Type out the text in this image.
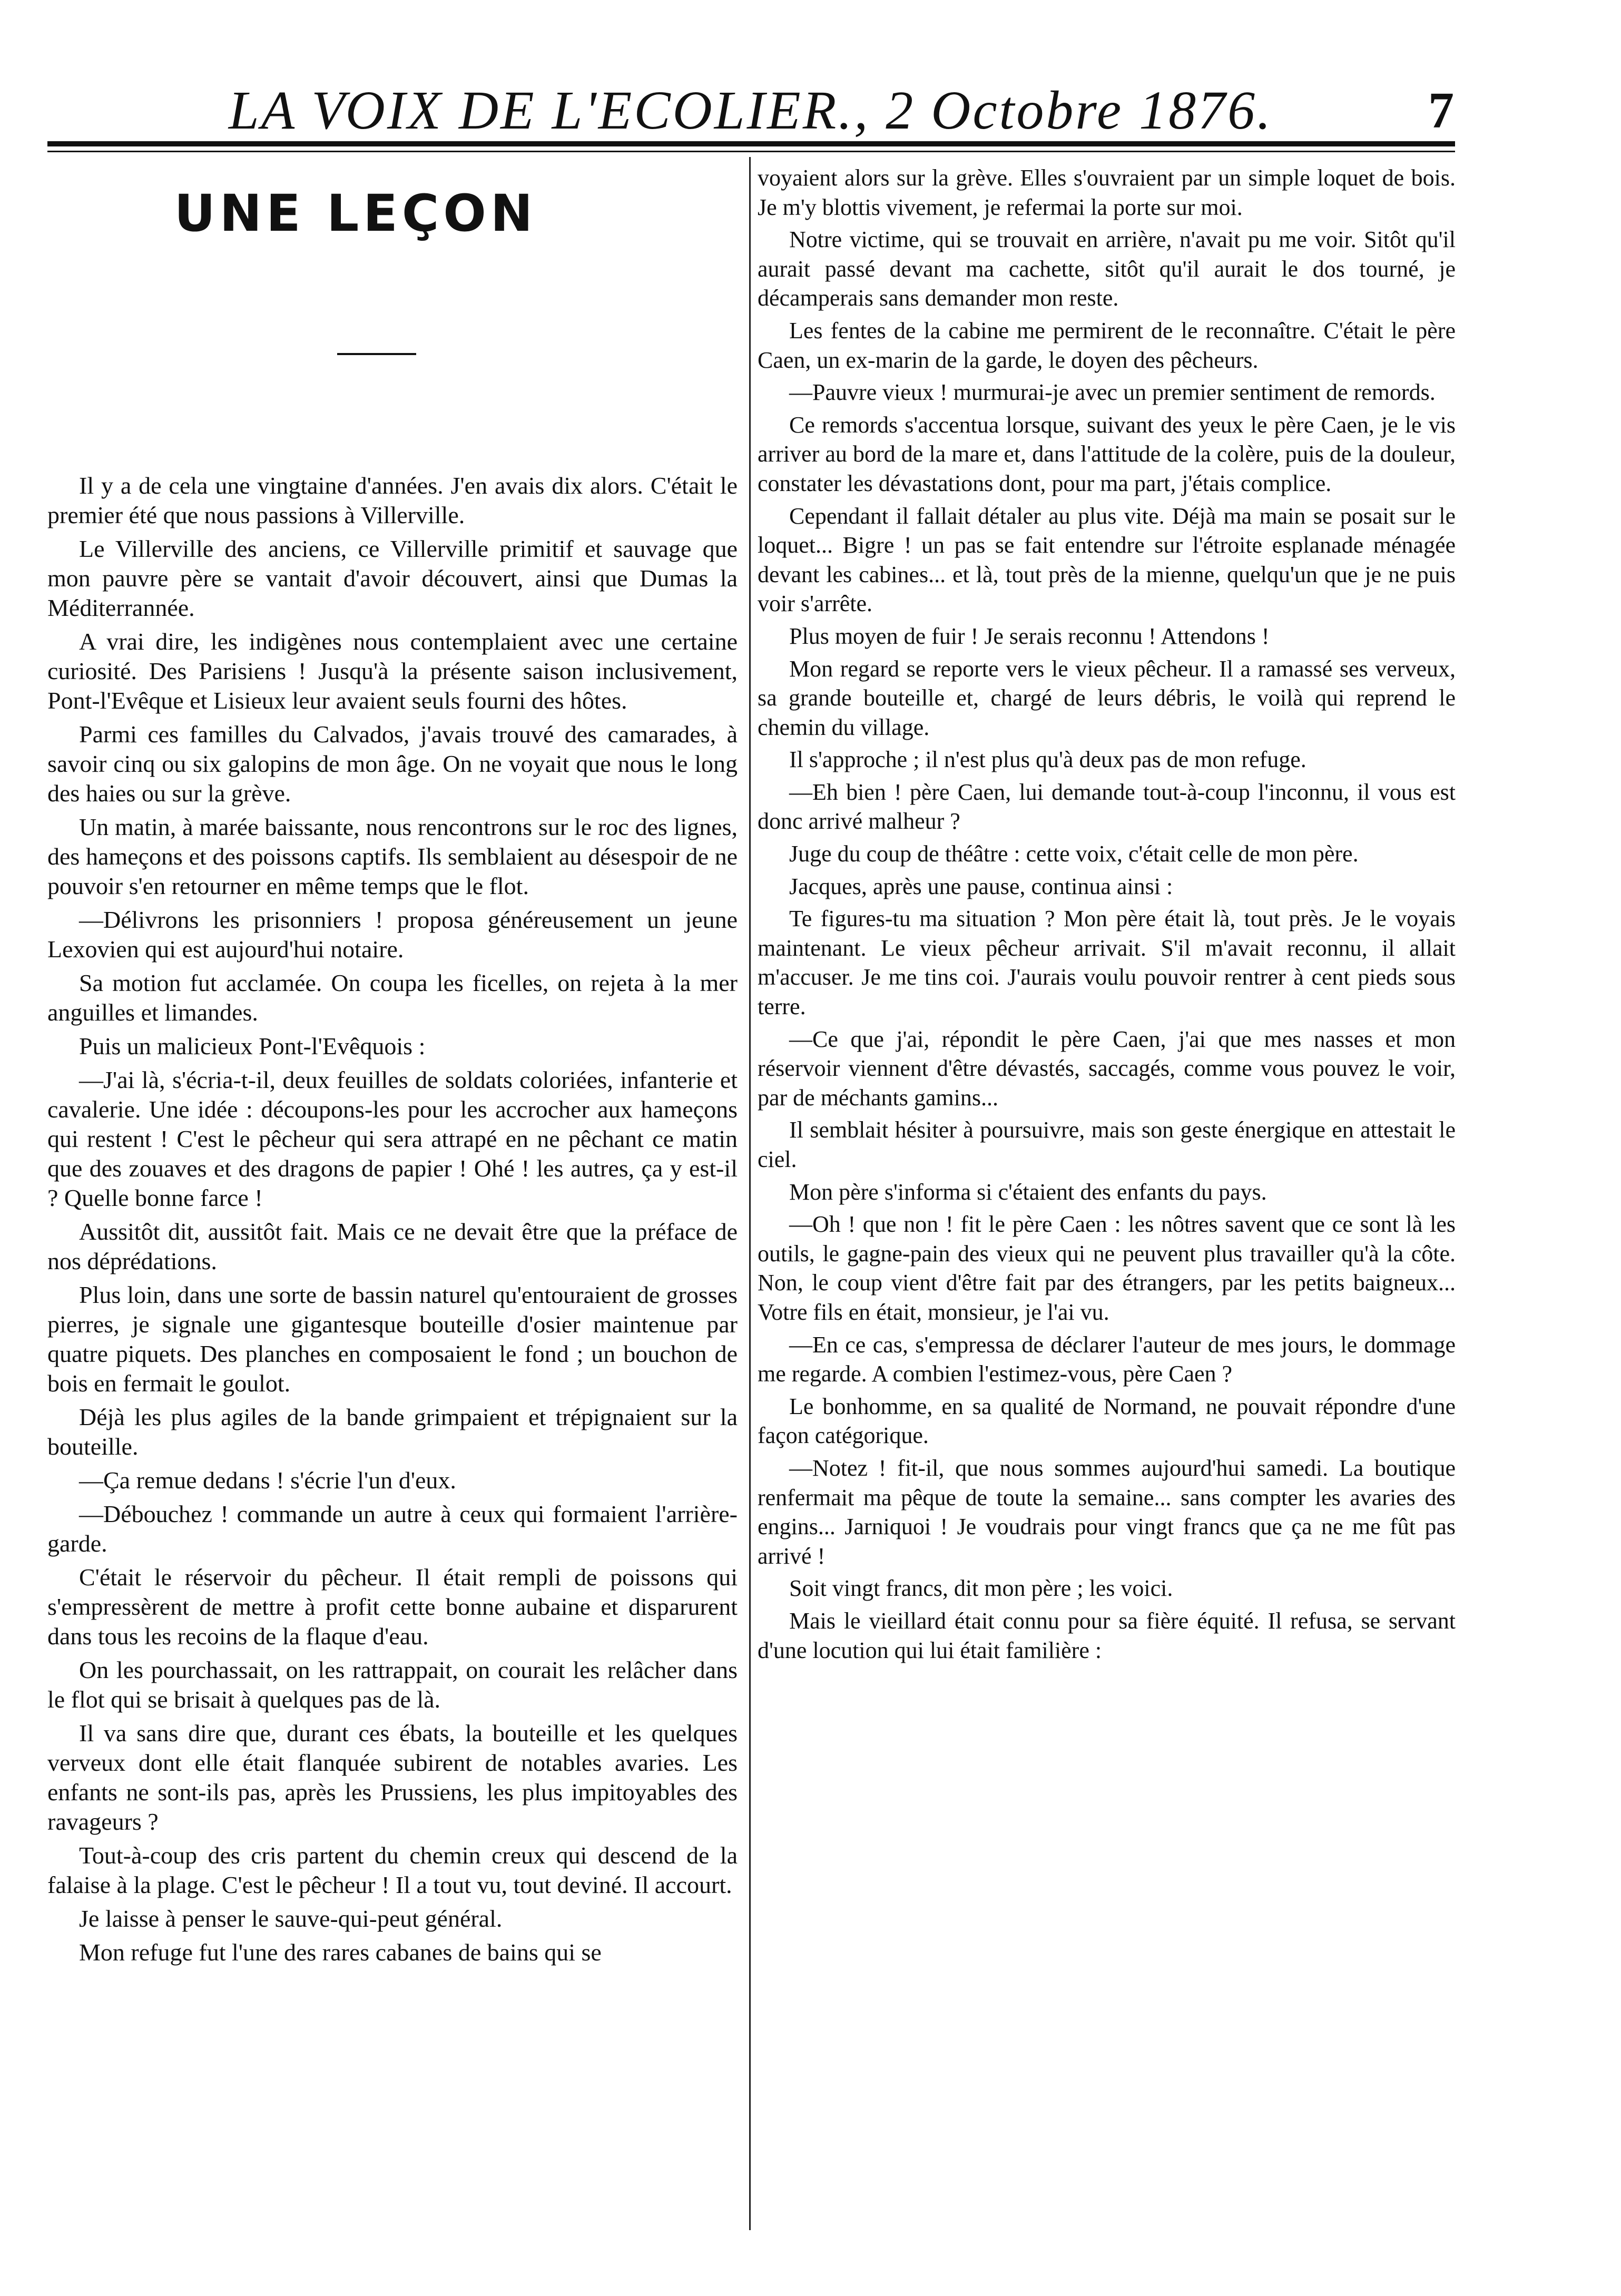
LA VOIX DE L'ECOLIER., 2 Octobre 1876.	7
UNE LEÇON

Il y a de cela une vingtaine d'années. J'en avais dix alors. C'était le premier été que nous passions à Villerville.

Le Villerville des anciens, ce Villerville primitif et sauvage que mon pauvre père se vantait d'avoir découvert, ainsi que Dumas la Méditerrannée.

A vrai dire, les indigènes nous contemplaient avec une certaine curiosité. Des Parisiens ! Jusqu'à la présente saison inclusivement, Pont-l'Evêque et Lisieux leur avaient seuls fourni des hôtes.

Parmi ces familles du Calvados, j'avais trouvé des camarades, à savoir cinq ou six galopins de mon âge. On ne voyait que nous le long des haies ou sur la grève.

Un matin, à marée baissante, nous rencontrons sur le roc des lignes, des hameçons et des poissons captifs. Ils semblaient au désespoir de ne pouvoir s'en retourner en même temps que le flot.

—Délivrons les prisonniers ! proposa généreusement un jeune Lexovien qui est aujourd'hui notaire.

Sa motion fut acclamée. On coupa les ficelles, on rejeta à la mer anguilles et limandes.

Puis un malicieux Pont-l'Evêquois :

—J'ai là, s'écria-t-il, deux feuilles de soldats coloriées, infanterie et cavalerie. Une idée : découpons-les pour les accrocher aux hameçons qui restent ! C'est le pêcheur qui sera attrapé en ne pêchant ce matin que des zouaves et des dragons de papier ! Ohé ! les autres, ça y est-il ? Quelle bonne farce !

Aussitôt dit, aussitôt fait. Mais ce ne devait être que la préface de nos déprédations.

Plus loin, dans une sorte de bassin naturel qu'entouraient de grosses pierres, je signale une gigantesque bouteille d'osier maintenue par quatre piquets. Des planches en composaient le fond ; un bouchon de bois en fermait le goulot.

Déjà les plus agiles de la bande grimpaient et trépignaient sur la bouteille.

—Ça remue dedans ! s'écrie l'un d'eux.

—Débouchez ! commande un autre à ceux qui formaient l'arrière-garde.

C'était le réservoir du pêcheur. Il était rempli de poissons qui s'empressèrent de mettre à profit cette bonne aubaine et disparurent dans tous les recoins de la flaque d'eau.

On les pourchassait, on les rattrappait, on courait les relâcher dans le flot qui se brisait à quelques pas de là.

Il va sans dire que, durant ces ébats, la bouteille et les quelques verveux dont elle était flanquée subirent de notables avaries. Les enfants ne sont-ils pas, après les Prussiens, les plus impitoyables des ravageurs ?

Tout-à-coup des cris partent du chemin creux qui descend de la falaise à la plage. C'est le pêcheur ! Il a tout vu, tout deviné. Il accourt.

Je laisse à penser le sauve-qui-peut général.

Mon refuge fut l'une des rares cabanes de bains qui se

voyaient alors sur la grève. Elles s'ouvraient par un simple loquet de bois. Je m'y blottis vivement, je refermai la porte sur moi.

Notre victime, qui se trouvait en arrière, n'avait pu me voir. Sitôt qu'il aurait passé devant ma cachette, sitôt qu'il aurait le dos tourné, je décamperais sans demander mon reste.

Les fentes de la cabine me permirent de le reconnaître. C'était le père Caen, un ex-marin de la garde, le doyen des pêcheurs.

—Pauvre vieux ! murmurai-je avec un premier sentiment de remords.

Ce remords s'accentua lorsque, suivant des yeux le père Caen, je le vis arriver au bord de la mare et, dans l'attitude de la colère, puis de la douleur, constater les dévastations dont, pour ma part, j'étais complice.

Cependant il fallait détaler au plus vite. Déjà ma main se posait sur le loquet... Bigre ! un pas se fait entendre sur l'étroite esplanade ménagée devant les cabines... et là, tout près de la mienne, quelqu'un que je ne puis voir s'arrête.

Plus moyen de fuir ! Je serais reconnu ! Attendons !

Mon regard se reporte vers le vieux pêcheur. Il a ramassé ses verveux, sa grande bouteille et, chargé de leurs débris, le voilà qui reprend le chemin du village.

Il s'approche ; il n'est plus qu'à deux pas de mon refuge.

—Eh bien ! père Caen, lui demande tout-à-coup l'inconnu, il vous est donc arrivé malheur ?

Juge du coup de théâtre : cette voix, c'était celle de mon père.

Jacques, après une pause, continua ainsi :

Te figures-tu ma situation ? Mon père était là, tout près. Je le voyais maintenant. Le vieux pêcheur arrivait. S'il m'avait reconnu, il allait m'accuser. Je me tins coi. J'aurais voulu pouvoir rentrer à cent pieds sous terre.

—Ce que j'ai, répondit le père Caen, j'ai que mes nasses et mon réservoir viennent d'être dévastés, saccagés, comme vous pouvez le voir, par de méchants gamins...

Il semblait hésiter à poursuivre, mais son geste énergique en attestait le ciel.

Mon père s'informa si c'étaient des enfants du pays.

—Oh ! que non ! fit le père Caen : les nôtres savent que ce sont là les outils, le gagne-pain des vieux qui ne peuvent plus travailler qu'à la côte. Non, le coup vient d'être fait par des étrangers, par les petits baigneux... Votre fils en était, monsieur, je l'ai vu.

—En ce cas, s'empressa de déclarer l'auteur de mes jours, le dommage me regarde. A combien l'estimez-vous, père Caen ?

Le bonhomme, en sa qualité de Normand, ne pouvait répondre d'une façon catégorique.

—Notez ! fit-il, que nous sommes aujourd'hui samedi. La boutique renfermait ma pêque de toute la semaine... sans compter les avaries des engins... Jarniquoi ! Je voudrais pour vingt francs que ça ne me fût pas arrivé !

Soit vingt francs, dit mon père ; les voici.

Mais le vieillard était connu pour sa fière équité. Il refusa, se servant d'une locution qui lui était familière :
